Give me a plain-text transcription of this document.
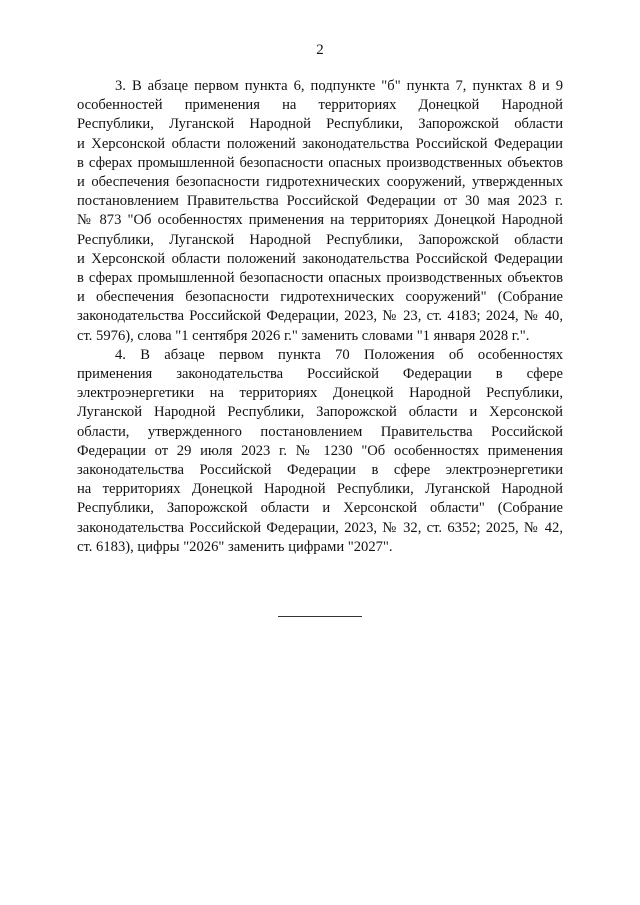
2
3. В абзаце первом пункта 6, подпункте "б" пункта 7, пунктах 8 и 9
особенностей применения на территориях Донецкой Народной
Республики, Луганской Народной Республики, Запорожской области
и Херсонской области положений законодательства Российской Федерации
в сферах промышленной безопасности опасных производственных объектов
и обеспечения безопасности гидротехнических сооружений, утвержденных
постановлением Правительства Российской Федерации от 30 мая 2023 г.
№ 873 "Об особенностях применения на территориях Донецкой Народной
Республики, Луганской Народной Республики, Запорожской области
и Херсонской области положений законодательства Российской Федерации
в сферах промышленной безопасности опасных производственных объектов
и обеспечения безопасности гидротехнических сооружений" (Собрание
законодательства Российской Федерации, 2023, № 23, ст. 4183; 2024, № 40,
ст. 5976), слова "1 сентября 2026 г." заменить словами "1 января 2028 г.".
4. В абзаце первом пункта 70 Положения об особенностях
применения законодательства Российской Федерации в сфере
электроэнергетики на территориях Донецкой Народной Республики,
Луганской Народной Республики, Запорожской области и Херсонской
области, утвержденного постановлением Правительства Российской
Федерации от 29 июля 2023 г. № 1230 "Об особенностях применения
законодательства Российской Федерации в сфере электроэнергетики
на территориях Донецкой Народной Республики, Луганской Народной
Республики, Запорожской области и Херсонской области" (Собрание
законодательства Российской Федерации, 2023, № 32, ст. 6352; 2025, № 42,
ст. 6183), цифры "2026" заменить цифрами "2027".
